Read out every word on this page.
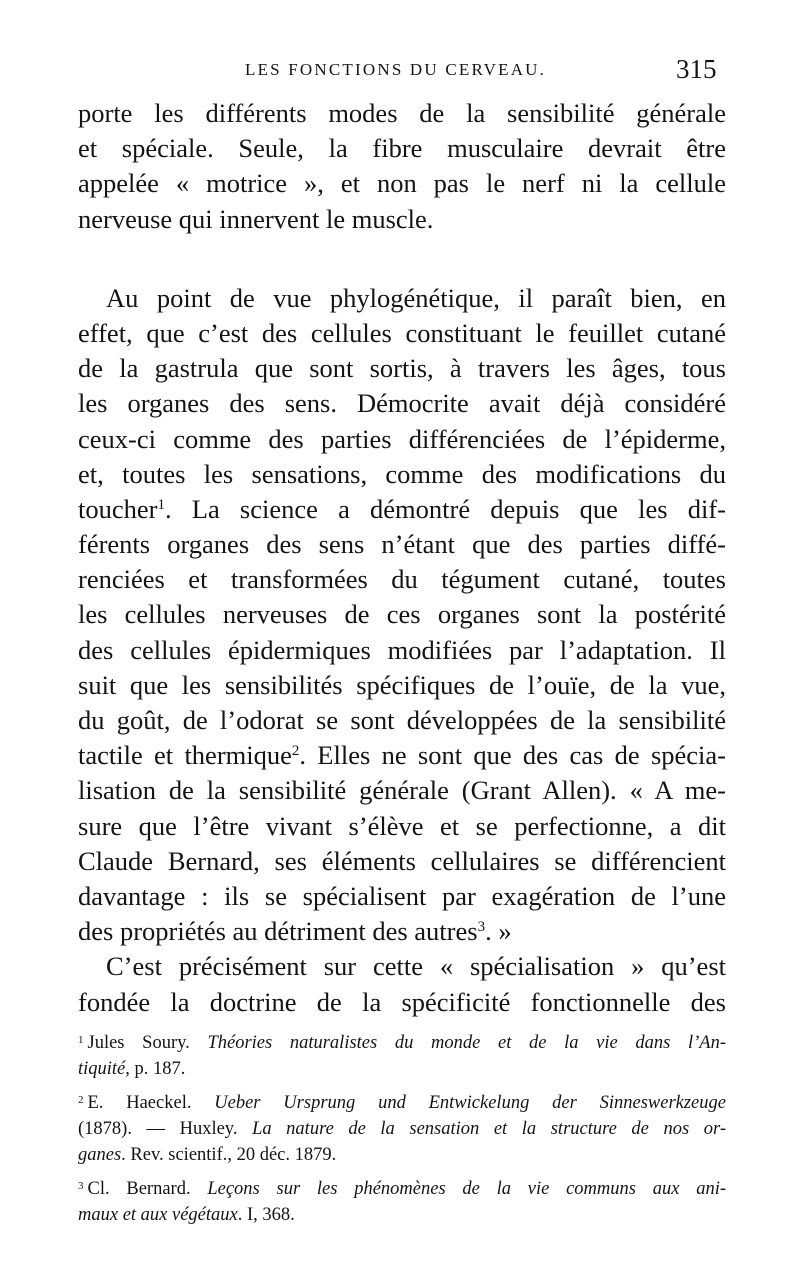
LES FONCTIONS DU CERVEAU.	315
porte les différents modes de la sensibilité générale
et spéciale. Seule, la fibre musculaire devrait être
appelée « motrice », et non pas le nerf ni la cellule
nerveuse qui innervent le muscle.
Au point de vue phylogénétique, il paraît bien, en
effet, que c’est des cellules constituant le feuillet cutané
de la gastrula que sont sortis, à travers les âges, tous
les organes des sens. Démocrite avait déjà considéré
ceux-ci comme des parties différenciées de l’épiderme,
et, toutes les sensations, comme des modifications du
toucher$^1$. La science a démontré depuis que les dif-
férents organes des sens n’étant que des parties diffé-
renciées et transformées du tégument cutané, toutes
les cellules nerveuses de ces organes sont la postérité
des cellules épidermiques modifiées par l’adaptation. Il
suit que les sensibilités spécifiques de l’ouïe, de la vue,
du goût, de l’odorat se sont développées de la sensibilité
tactile et thermique$^2$. Elles ne sont que des cas de spécia-
lisation de la sensibilité générale (Grant Allen). « A me-
sure que l’être vivant s’élève et se perfectionne, a dit
Claude Bernard, ses éléments cellulaires se différencient
davantage : ils se spécialisent par exagération de l’une
des propriétés au détriment des autres$^3$. »
C’est précisément sur cette « spécialisation » qu’est
fondée la doctrine de la spécificité fonctionnelle des
$^1$ Jules Soury. Théories naturalistes du monde et de la vie dans l’An-
tiquité, p. 187.
$^2$ E. Haeckel. Ueber Ursprung und Entwickelung der Sinneswerkzeuge
(1878). — Huxley. La nature de la sensation et la structure de nos or-
ganes. Rev. scientif., 20 déc. 1879.
$^3$ Cl. Bernard. Leçons sur les phénomènes de la vie communs aux ani-
maux et aux végétaux. I, 368.
